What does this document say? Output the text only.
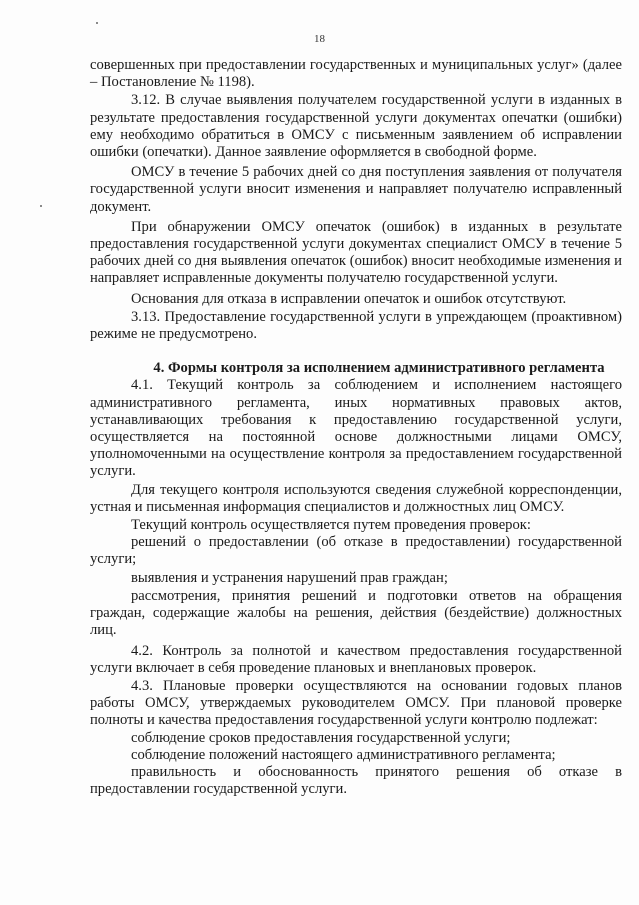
18

совершенных при предоставлении государственных и муниципальных услуг» (далее – Постановление № 1198).

3.12. В случае выявления получателем государственной услуги в изданных в результате предоставления государственной услуги документах опечатки (ошибки) ему необходимо обратиться в ОМСУ с письменным заявлением об исправлении ошибки (опечатки). Данное заявление оформляется в свободной форме.

ОМСУ в течение 5 рабочих дней со дня поступления заявления от получателя государственной услуги вносит изменения и направляет получателю исправленный документ.

При обнаружении ОМСУ опечаток (ошибок) в изданных в результате предоставления государственной услуги документах специалист ОМСУ в течение 5 рабочих дней со дня выявления опечаток (ошибок) вносит необходимые изменения и направляет исправленные документы получателю государственной услуги.

Основания для отказа в исправлении опечаток и ошибок отсутствуют.

3.13. Предоставление государственной услуги в упреждающем (проактивном) режиме не предусмотрено.

4. Формы контроля за исполнением административного регламента

4.1. Текущий контроль за соблюдением и исполнением настоящего административного регламента, иных нормативных правовых актов, устанавливающих требования к предоставлению государственной услуги, осуществляется на постоянной основе должностными лицами ОМСУ, уполномоченными на осуществление контроля за предоставлением государственной услуги.

Для текущего контроля используются сведения служебной корреспонденции, устная и письменная информация специалистов и должностных лиц ОМСУ.

Текущий контроль осуществляется путем проведения проверок:

решений о предоставлении (об отказе в предоставлении) государственной услуги;

выявления и устранения нарушений прав граждан;

рассмотрения, принятия решений и подготовки ответов на обращения граждан, содержащие жалобы на решения, действия (бездействие) должностных лиц.

4.2. Контроль за полнотой и качеством предоставления государственной услуги включает в себя проведение плановых и внеплановых проверок.

4.3. Плановые проверки осуществляются на основании годовых планов работы ОМСУ, утверждаемых руководителем ОМСУ. При плановой проверке полноты и качества предоставления государственной услуги контролю подлежат:

соблюдение сроков предоставления государственной услуги;

соблюдение положений настоящего административного регламента;

правильность и обоснованность принятого решения об отказе в предоставлении государственной услуги.
